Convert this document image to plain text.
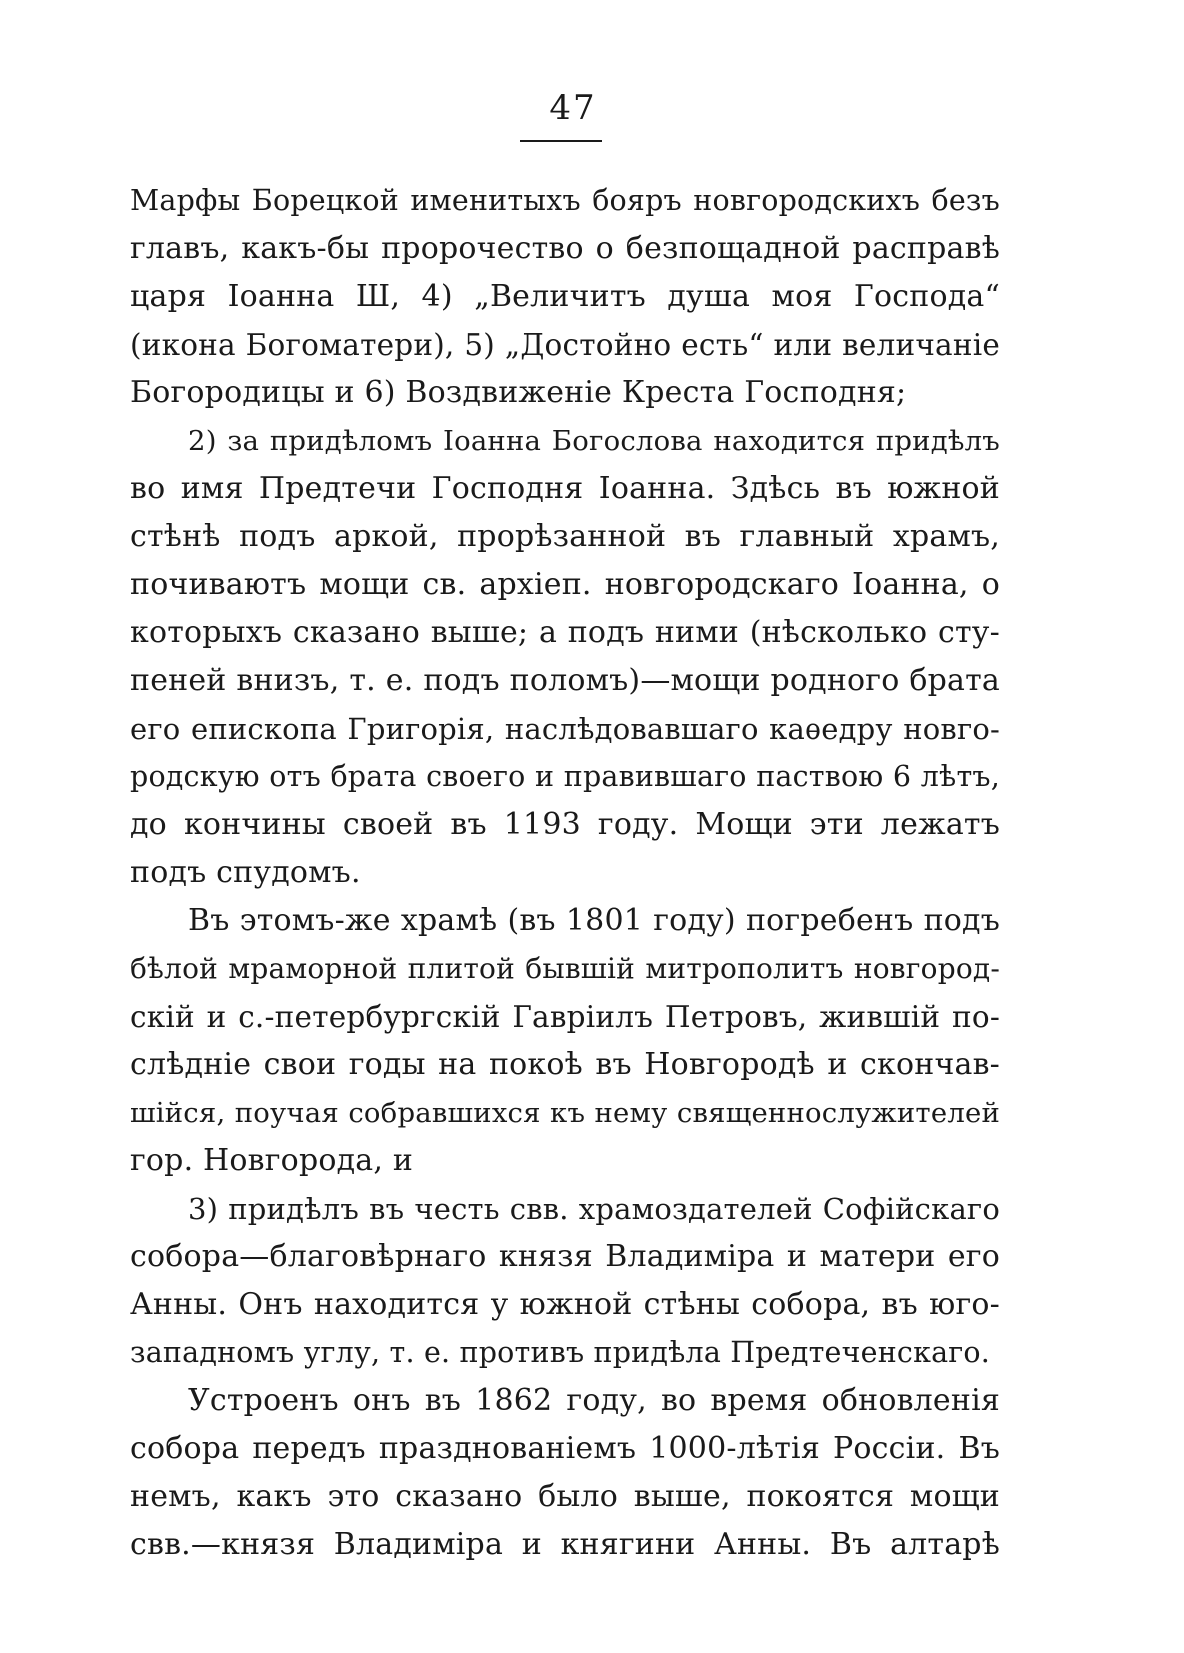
47
Марфы Борецкой именитыхъ бояръ новгородскихъ безъ
главъ, какъ-бы пророчество о безпощадной расправѣ
царя Іоанна Ш, 4) „Величитъ душа моя Господа“
(икона Богоматери), 5) „Достойно есть“ или величаніе
Богородицы и 6) Воздвиженіе Креста Господня;
2) за придѣломъ Іоанна Богослова находится придѣлъ
во имя Предтечи Господня Іоанна. Здѣсь въ южной
стѣнѣ подъ аркой, прорѣзанной въ главный храмъ,
почиваютъ мощи св. архіеп. новгородскаго Іоанна, о
которыхъ сказано выше; а подъ ними (нѣсколько сту-
пеней внизъ, т. е. подъ поломъ)—мощи родного брата
его епископа Григорія, наслѣдовавшаго каѳедру новго-
родскую отъ брата своего и правившаго паствою 6 лѣтъ,
до кончины своей въ 1193 году. Мощи эти лежатъ
подъ спудомъ.
Въ этомъ-же храмѣ (въ 1801 году) погребенъ подъ
бѣлой мраморной плитой бывшій митрополитъ новгород-
скій и с.-петербургскій Гавріилъ Петровъ, жившій по-
слѣдніе свои годы на покоѣ въ Новгородѣ и скончав-
шійся, поучая собравшихся къ нему священнослужителей
гор. Новгорода, и
3) придѣлъ въ честь свв. храмоздателей Софійскаго
собора—благовѣрнаго князя Владиміра и матери его
Анны. Онъ находится у южной стѣны собора, въ юго-
западномъ углу, т. е. противъ придѣла Предтеченскаго.
Устроенъ онъ въ 1862 году, во время обновленія
собора передъ празднованіемъ 1000-лѣтія Россіи. Въ
немъ, какъ это сказано было выше, покоятся мощи
свв.—князя Владиміра и княгини Анны. Въ алтарѣ
